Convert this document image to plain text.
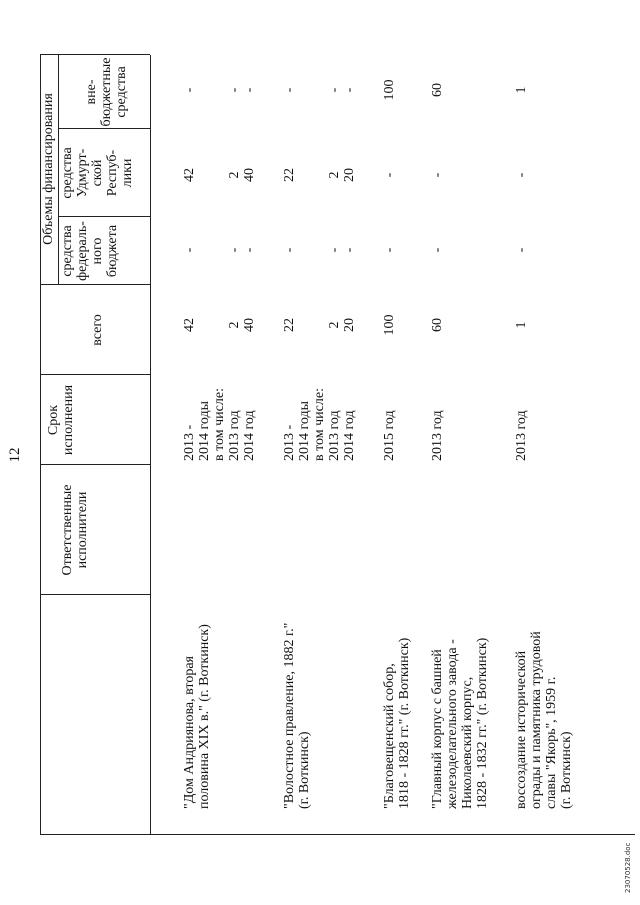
12
23070528.doc
Ответственные исполнители
Срок исполнения
Объемы финансирования
всего
средства федераль- ного бюджета
средства Удмурт- ской Респуб- лики
вне- бюджетные средства
"Дом Андриянова, вторая половина XIX в." (г. Воткинск)
2013 - 2014 годы в том числе: 2013 год 2014 год
42

2 40
-

- -
42

2 40
-

- -
"Волостное правление, 1882 г." (г. Воткинск)
2013 - 2014 годы в том числе: 2013 год 2014 год
22

2 20
-

- -
22

2 20
-

- -
"Благовещенский собор, 1818 - 1828 гг." (г. Воткинск)
2015 год
100
-
-
100
"Главный корпус с башней железоделательного завода - Николаевский корпус, 1828 - 1832 гг." (г. Воткинск)
2013 год
60
-
-
60
воссоздание исторической ограды и памятника трудовой славы "Якорь", 1959 г. (г. Воткинск)
2013 год
1
-
-
1
